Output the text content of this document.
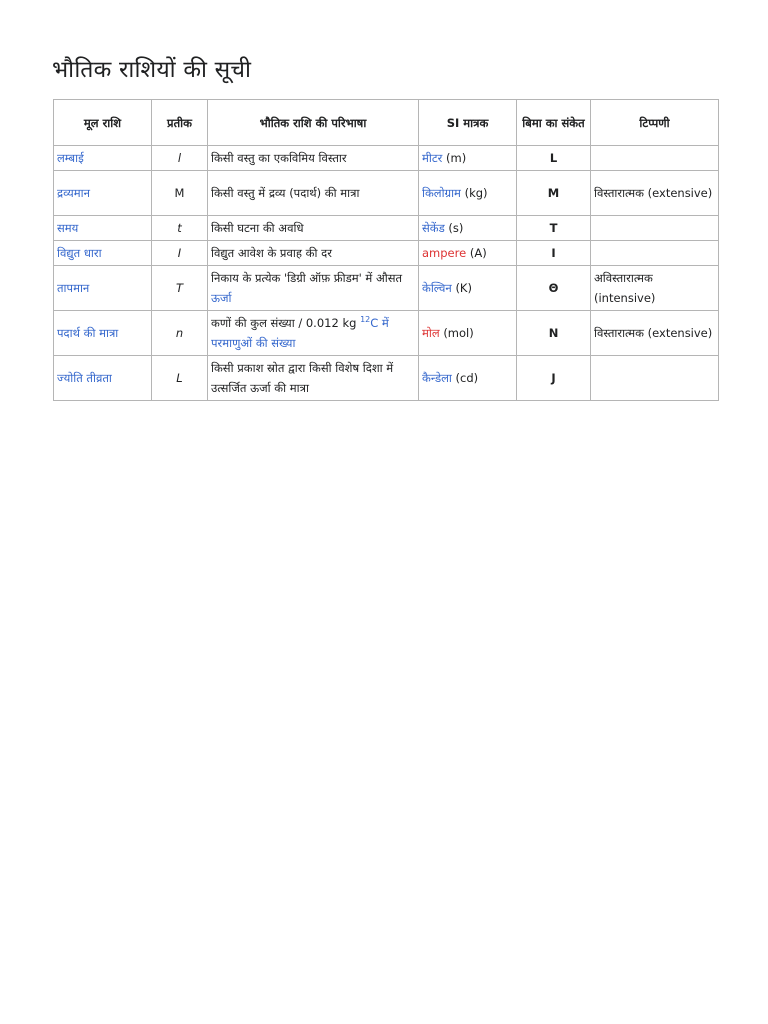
भौतिक राशियों की सूची
मूल राशि	प्रतीक	भौतिक राशि की परिभाषा	SI मात्रक	बिमा का संकेत	टिप्पणी
लम्बाई	l	किसी वस्तु का एकविमिय विस्तार	मीटर (m)	L	
द्रव्यमान	M	किसी वस्तु में द्रव्य (पदार्थ) की मात्रा	किलोग्राम (kg)	M	विस्तारात्मक (extensive)
समय	t	किसी घटना की अवधि	सेकेंड (s)	T	
विद्युत धारा	I	विद्युत आवेश के प्रवाह की दर	ampere (A)	I	
तापमान	T	निकाय के प्रत्येक 'डिग्री ऑफ़ फ्रीडम' में औसत ऊर्जा	केल्विन (K)	Θ	अविस्तारात्मक (intensive)
पदार्थ की मात्रा	n	कणों की कुल संख्या / 0.012 kg $^{12}$C में परमाणुओं की संख्या	मोल (mol)	N	विस्तारात्मक (extensive)
ज्योति तीव्रता	L	किसी प्रकाश स्रोत द्वारा किसी विशेष दिशा में उत्सर्जित ऊर्जा की मात्रा	कैन्डेला (cd)	J	
